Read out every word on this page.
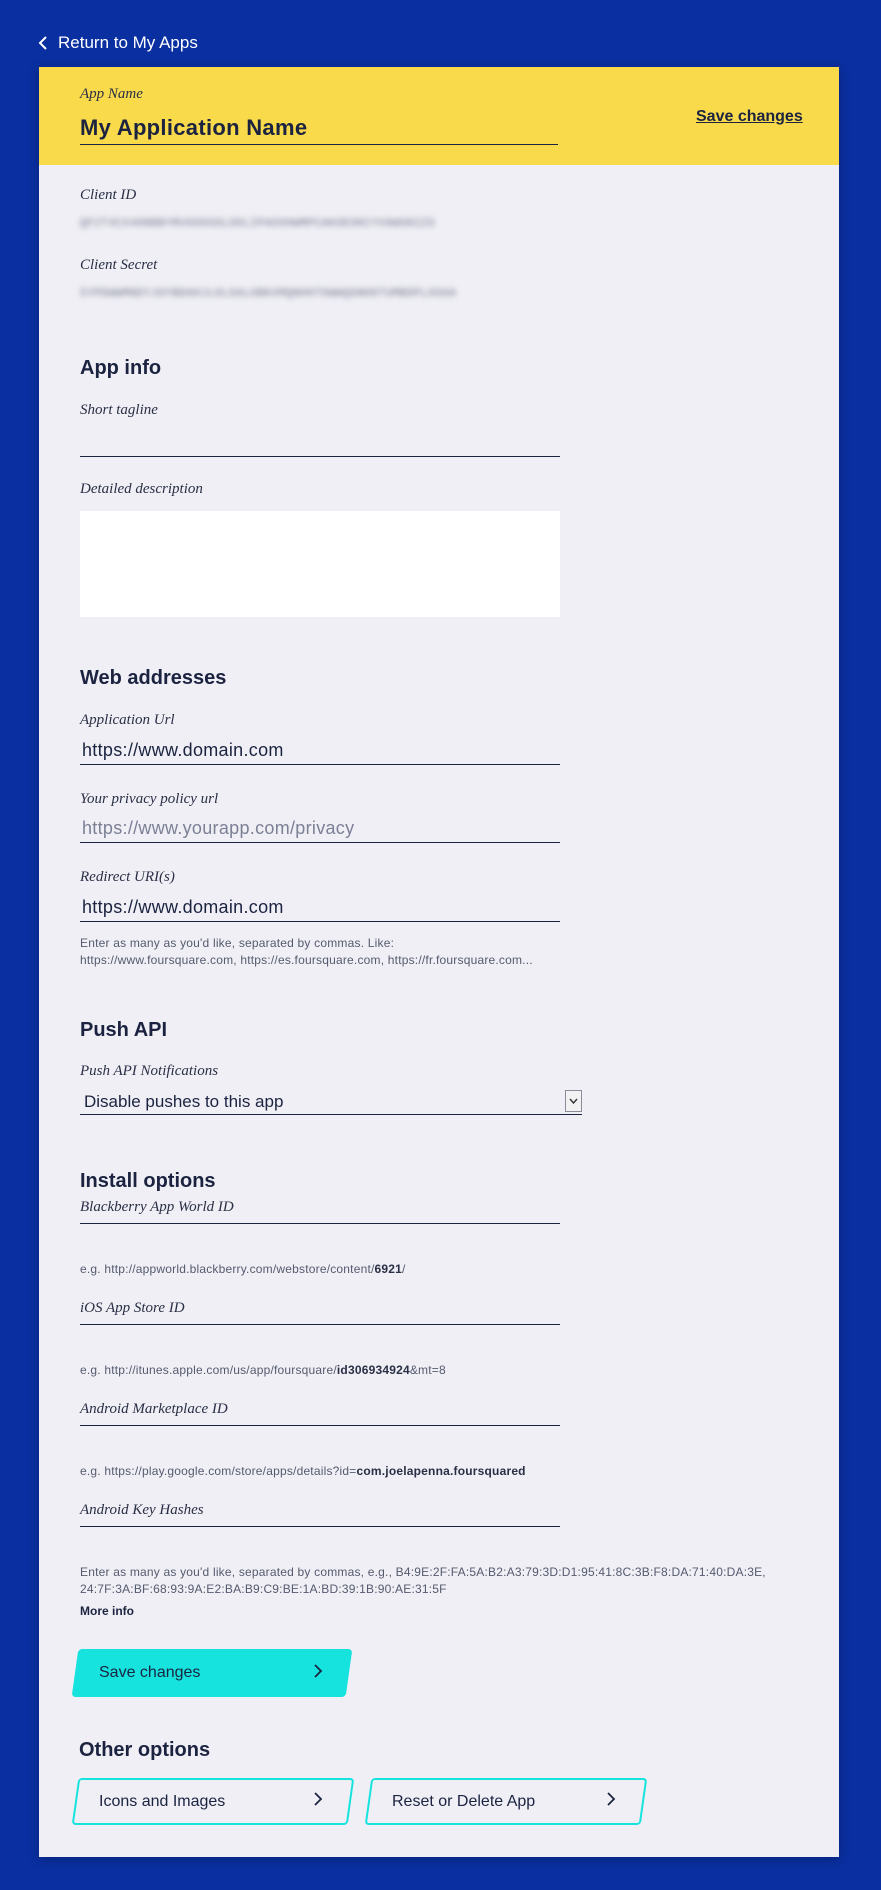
Return to My Apps
App Name
My Application Name	Save changes
Client ID
QF2T4CX40NBBYRVGOOSOLOOLIPAOXHWMPCAKOEOKCYV0WSNIZS
Client Secret
5YPDWWMNDYJOYBDAHJLOLGALOBKXMQNHHTOWWQGNH0TUMBDPLXOAA
App info
Short tagline
Detailed description
Web addresses
Application Url
https://www.domain.com
Your privacy policy url
https://www.yourapp.com/privacy
Redirect URI(s)
https://www.domain.com
Enter as many as you'd like, separated by commas. Like:
https://www.foursquare.com, https://es.foursquare.com, https://fr.foursquare.com...
Push API
Push API Notifications
Disable pushes to this app
Install options
Blackberry App World ID
e.g. http://appworld.blackberry.com/webstore/content/6921/
iOS App Store ID
e.g. http://itunes.apple.com/us/app/foursquare/id306934924&mt=8
Android Marketplace ID
e.g. https://play.google.com/store/apps/details?id=com.joelapenna.foursquared
Android Key Hashes
Enter as many as you'd like, separated by commas, e.g., B4:9E:2F:FA:5A:B2:A3:79:3D:D1:95:41:8C:3B:F8:DA:71:40:DA:3E,
24:7F:3A:BF:68:93:9A:E2:BA:B9:C9:BE:1A:BD:39:1B:90:AE:31:5F
More info
Save changes
Other options
Icons and Images	Reset or Delete App
